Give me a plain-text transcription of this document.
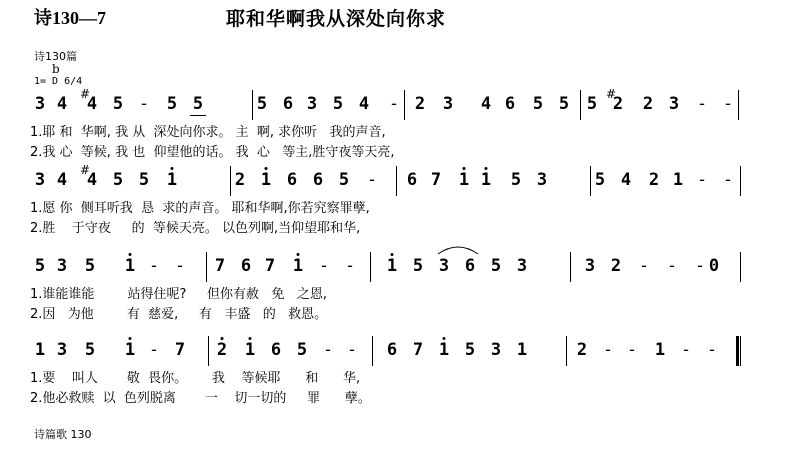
诗130—7	耶和华啊我从深处向你求
诗130篇
b
1= D 6/4
诗篇歌 130
3 4 4
# 5 - 5 5	5 6 3 5 4 - 2 3 4 6 5 5 5 2
# 2 3 - -
1.耶 和  华啊, 我 从  深处向你求。 主  啊, 求你听   我的声音,
2.我 心  等候, 我 也  仰望他的话。 我  心   等主,胜守夜等天亮,
3 4 4
# 5 5 1	2 1 6 6 5 - 6 7 1 1 5 3	5 4 2 1 - -
1.愿 你  侧耳听我  恳  求的声音。 耶和华啊,你若究察罪孽,
2.胜    于守夜     的  等候天亮。 以色列啊,当仰望耶和华,
5 3 5 1 - - 7 6 7 1 - - 1 5 3 6 5 3	3 2 - - - 0
1.谁能谁能        站得住呢?     但你有赦   免   之恩,
2.因   为他        有  慈爱,     有   丰盛   的   救恩。
1 3 5 1 - 7 2 1 6 5 - - 6 7 1 5 3 1	2 - - 1 - -
1.要    叫人       敬  畏你。      我    等候耶      和      华,
2.他必救赎  以  色列脱离       一    切一切的     罪      孽。
